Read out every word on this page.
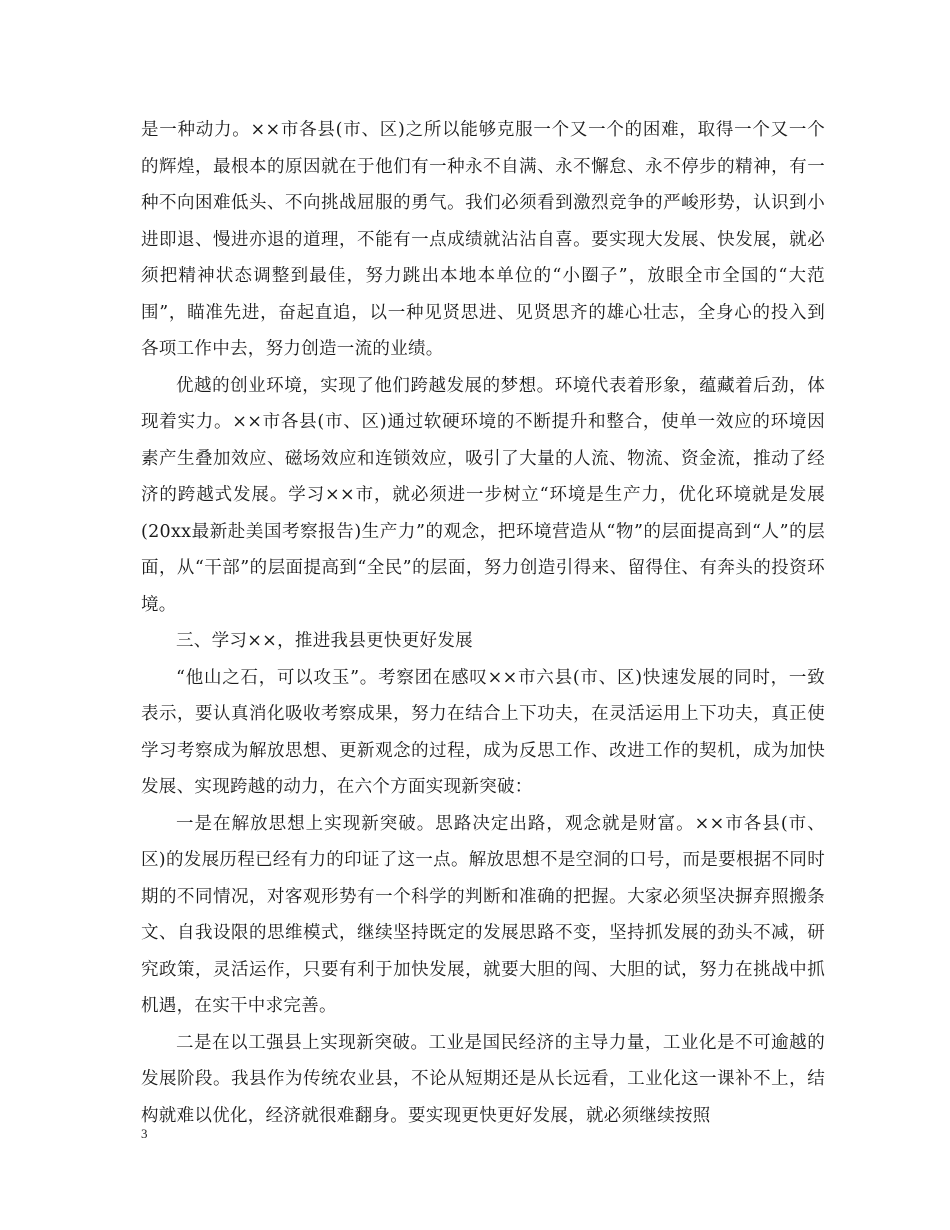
是一种动力。××市各县(市、区)之所以能够克服一个又一个的困难，取得一个又一个的辉煌，最根本的原因就在于他们有一种永不自满、永不懈怠、永不停步的精神，有一种不向困难低头、不向挑战屈服的勇气。我们必须看到激烈竞争的严峻形势，认识到小进即退、慢进亦退的道理，不能有一点成绩就沾沾自喜。要实现大发展、快发展，就必须把精神状态调整到最佳，努力跳出本地本单位的“小圈子”，放眼全市全国的“大范围”，瞄准先进，奋起直追，以一种见贤思进、见贤思齐的雄心壮志，全身心的投入到各项工作中去，努力创造一流的业绩。

优越的创业环境，实现了他们跨越发展的梦想。环境代表着形象，蕴藏着后劲，体现着实力。××市各县(市、区)通过软硬环境的不断提升和整合，使单一效应的环境因素产生叠加效应、磁场效应和连锁效应，吸引了大量的人流、物流、资金流，推动了经济的跨越式发展。学习××市，就必须进一步树立“环境是生产力，优化环境就是发展(20xx最新赴美国考察报告)生产力”的观念，把环境营造从“物”的层面提高到“人”的层面，从“干部”的层面提高到“全民”的层面，努力创造引得来、留得住、有奔头的投资环境。

三、学习××，推进我县更快更好发展

“他山之石，可以攻玉”。考察团在感叹××市六县(市、区)快速发展的同时，一致表示，要认真消化吸收考察成果，努力在结合上下功夫，在灵活运用上下功夫，真正使学习考察成为解放思想、更新观念的过程，成为反思工作、改进工作的契机，成为加快发展、实现跨越的动力，在六个方面实现新突破：

一是在解放思想上实现新突破。思路决定出路，观念就是财富。××市各县(市、区)的发展历程已经有力的印证了这一点。解放思想不是空洞的口号，而是要根据不同时期的不同情况，对客观形势有一个科学的判断和准确的把握。大家必须坚决摒弃照搬条文、自我设限的思维模式，继续坚持既定的发展思路不变，坚持抓发展的劲头不减，研究政策，灵活运作，只要有利于加快发展，就要大胆的闯、大胆的试，努力在挑战中抓机遇，在实干中求完善。

二是在以工强县上实现新突破。工业是国民经济的主导力量，工业化是不可逾越的发展阶段。我县作为传统农业县，不论从短期还是从长远看，工业化这一课补不上，结构就难以优化，经济就很难翻身。要实现更快更好发展，就必须继续按照

3
